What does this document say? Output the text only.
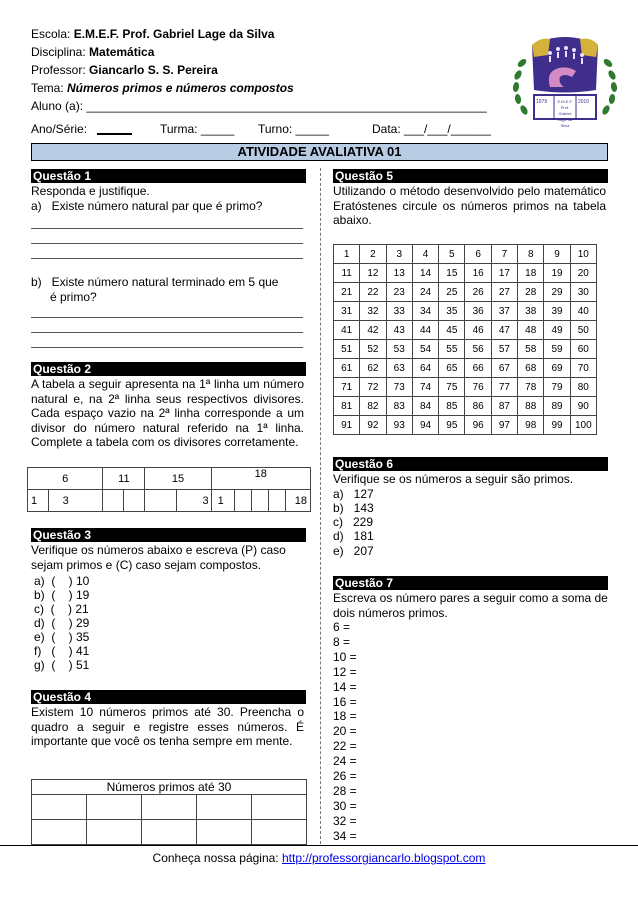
Escola: E.M.E.F. Prof. Gabriel Lage da Silva
Disciplina: Matemática
Professor: Giancarlo S. S. Pereira
Tema: Números primos e números compostos
Aluno (a): ____________________________________________________________
Ano/Série:	Turma: _____ Turno: _____	Data: ___/___/______
1979	2010
E.M.E.F. Prof.
Gabriel Lage da Silva
ATIVIDADE AVALIATIVA 01
Questão 1
Responda e justifique.
a)   Existe número natural par que é primo?
b)   Existe número natural terminado em 5 que
é primo?
Questão 2
A tabela a seguir apresenta na 1ª linha um número natural e, na 2ª linha seus respectivos divisores. Cada espaço vazio na 2ª linha corresponde a um divisor do número natural referido na 1ª linha. Complete a tabela com os divisores corretamente.
6		11		15		18				
1	3				3	1				18
Questão 3
Verifique os números abaixo e escreva (P) caso sejam primos e (C) caso sejam compostos.
a)  (    ) 10
b)  (    ) 19
c)  (    ) 21
d)  (    ) 29
e)  (    ) 35
f)   (    ) 41
g)  (    ) 51
Questão 4
Existem 10 números primos até 30. Preencha o quadro a seguir e registre esses números. É importante que você os tenha sempre em mente.
Números primos até 30				

Questão 5
Utilizando o método desenvolvido pelo matemático Eratóstenes circule os números primos na tabela abaixo.
1	2	3	4	5	6	7	8	9	10
11	12	13	14	15	16	17	18	19	20
21	22	23	24	25	26	27	28	29	30
31	32	33	34	35	36	37	38	39	40
41	42	43	44	45	46	47	48	49	50
51	52	53	54	55	56	57	58	59	60
61	62	63	64	65	66	67	68	69	70
71	72	73	74	75	76	77	78	79	80
81	82	83	84	85	86	87	88	89	90
91	92	93	94	95	96	97	98	99	100
Questão 6
Verifique se os números a seguir são primos.
a)   127
b)   143
c)   229
d)   181
e)   207
Questão 7
Escreva os número pares a seguir como a soma de dois números primos.
6 =
8 =
10 =
12 =
14 =
16 =
18 =
20 =
22 =
24 =
26 =
28 =
30 =
32 =
34 =
Conheça nossa página: http://professorgiancarlo.blogspot.com
